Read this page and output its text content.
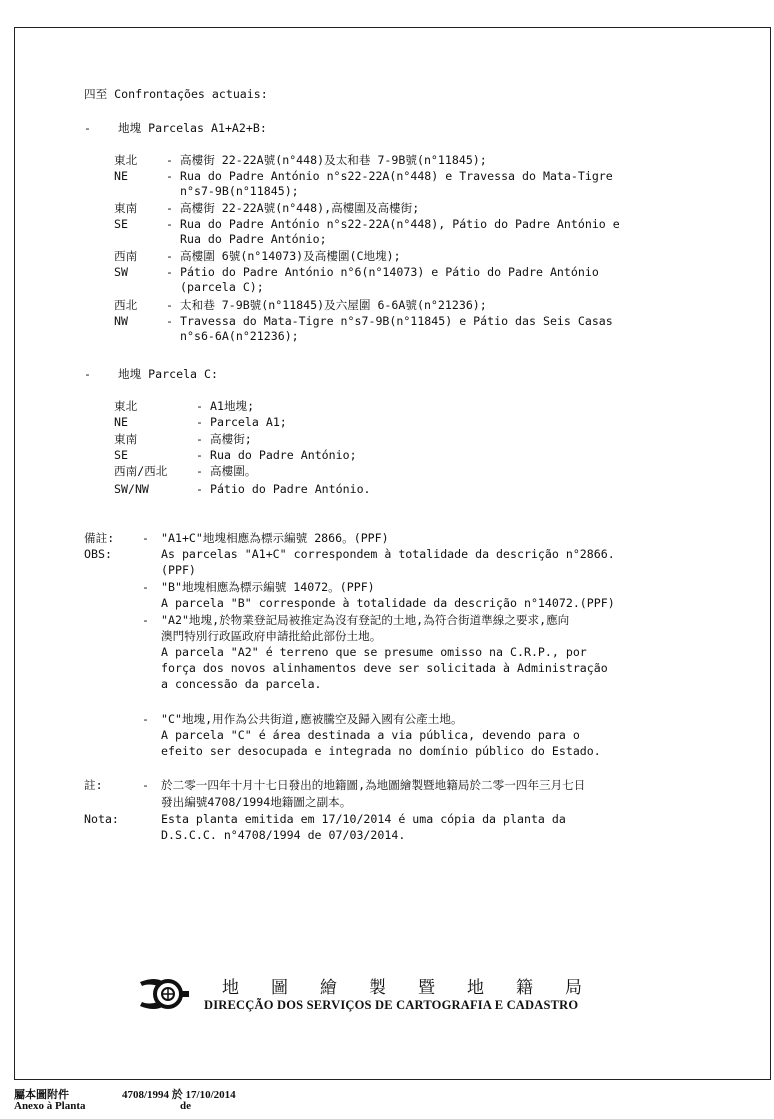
四至 Confrontações actuais:
- 地塊 Parcelas A1+A2+B:
東北 - 高樓街 22-22A號(n°448)及太和巷 7-9B號(n°11845);
NE	- Rua do Padre António n°s22-22A(n°448) e Travessa do Mata-Tigre
n°s7-9B(n°11845);
東南 - 高樓街 22-22A號(n°448),高樓圍及高樓街;
SE	- Rua do Padre António n°s22-22A(n°448), Pátio do Padre António e
Rua do Padre António;
西南 - 高樓圍 6號(n°14073)及高樓圍(C地塊);
SW	- Pátio do Padre António n°6(n°14073) e Pátio do Padre António
(parcela C);
西北 - 太和巷 7-9B號(n°11845)及六屋圍 6-6A號(n°21236);
NW	- Travessa do Mata-Tigre n°s7-9B(n°11845) e Pátio das Seis Casas
n°s6-6A(n°21236);
- 地塊 Parcela C:
東北	- A1地塊;
NE	- Parcela A1;
東南	- 高樓街;
SE	- Rua do Padre António;
西南/西北 - 高樓圍。
SW/NW	- Pátio do Padre António.
備註:
OBS:
- "A1+C"地塊相應為標示編號 2866。(PPF)
As parcelas "A1+C" correspondem à totalidade da descrição n°2866.
(PPF)
- "B"地塊相應為標示編號 14072。(PPF)
A parcela "B" corresponde à totalidade da descrição n°14072.(PPF)
- "A2"地塊,於物業登記局被推定為沒有登記的土地,為符合街道準線之要求,應向
澳門特別行政區政府申請批給此部份土地。
A parcela "A2" é terreno que se presume omisso na C.R.P., por
força dos novos alinhamentos deve ser solicitada à Administração
a concessão da parcela.
- "C"地塊,用作為公共街道,應被騰空及歸入國有公產土地。
A parcela "C" é área destinada a via pública, devendo para o
efeito ser desocupada e integrada no domínio público do Estado.
註:
Nota:
- 於二零一四年十月十七日發出的地籍圖,為地圖繪製暨地籍局於二零一四年三月七日
發出編號4708/1994地籍圖之副本。
Esta planta emitida em 17/10/2014 é uma cópia da planta da
D.S.C.C. n°4708/1994 de 07/03/2014.
地圖繪製暨地籍局
DIRECÇÃO DOS SERVIÇOS DE CARTOGRAFIA E CADASTRO
屬本圖附件	4708/1994 於 17/10/2014
Anexo à Planta	de
